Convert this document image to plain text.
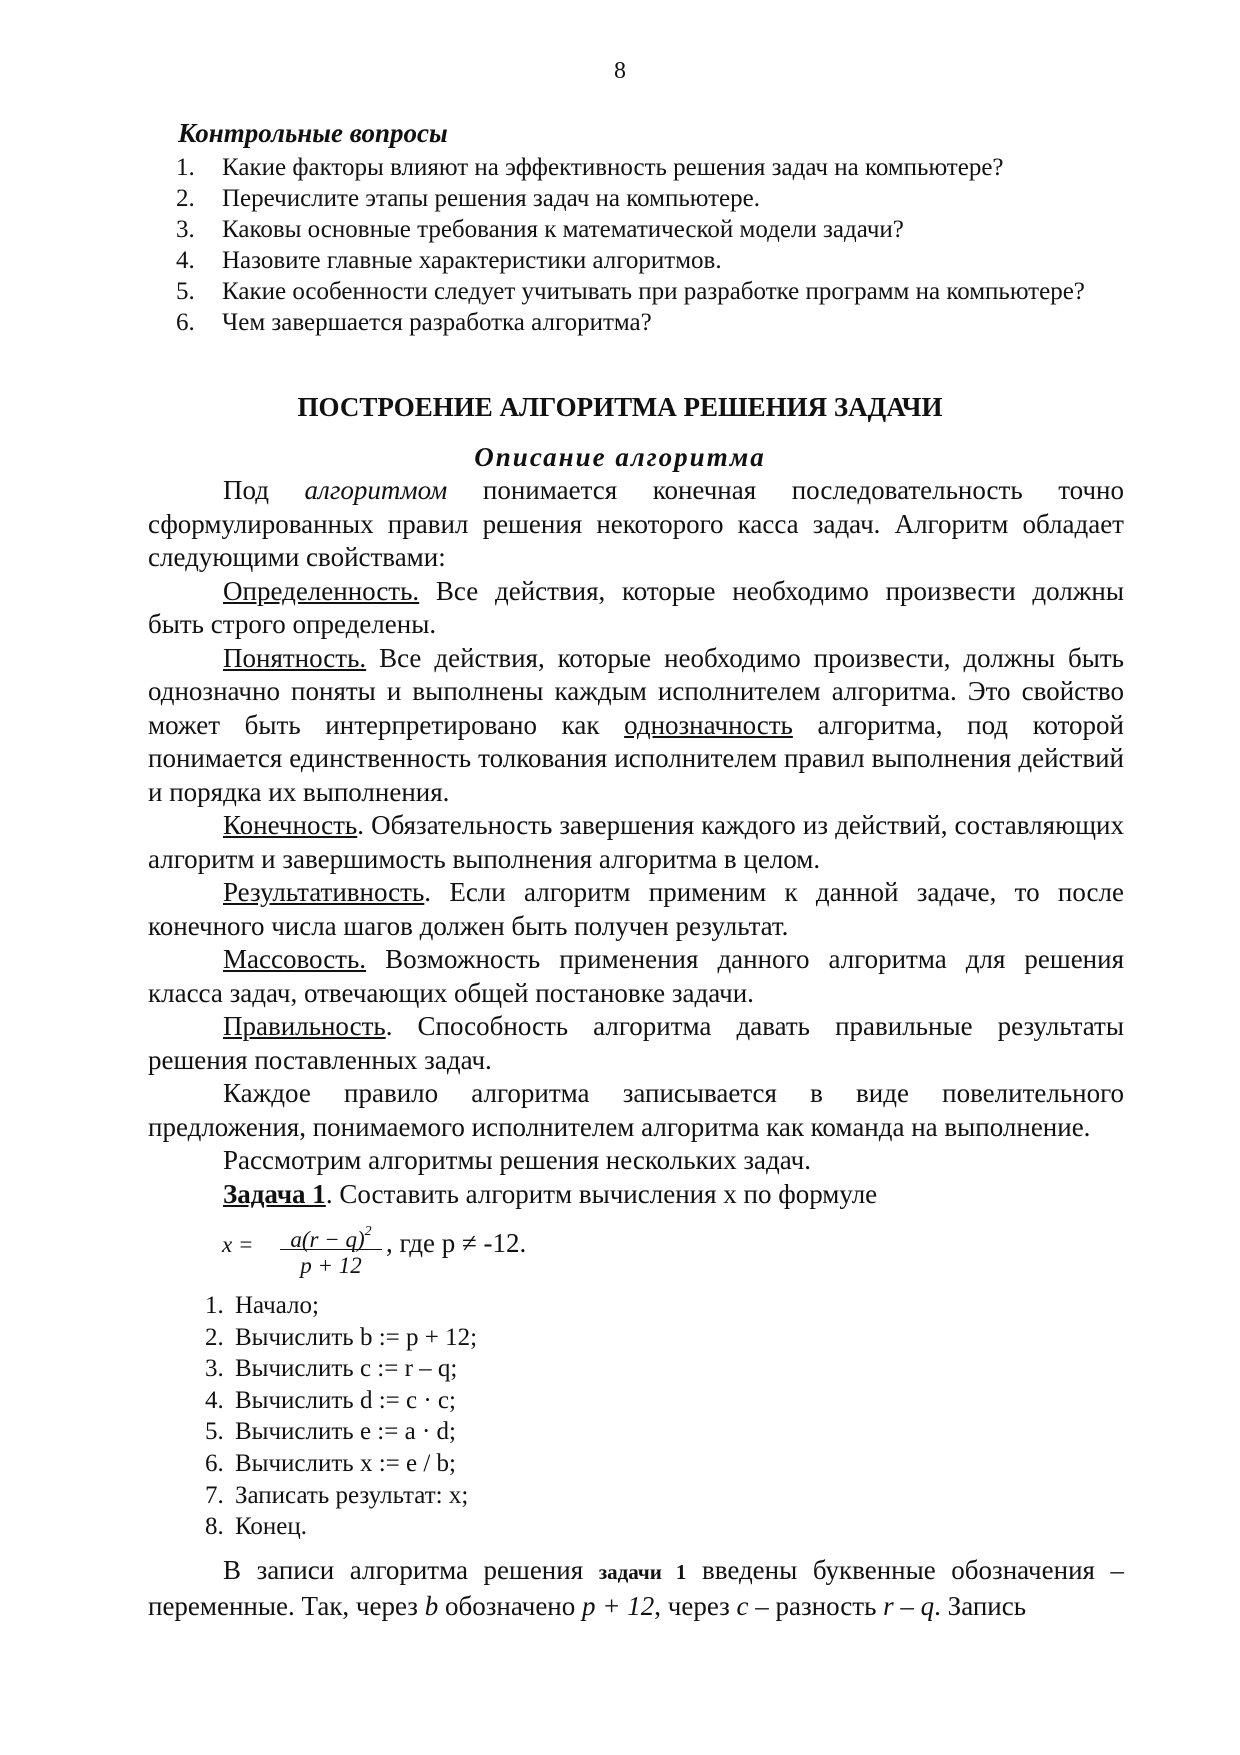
8
Контрольные вопросы
1. Какие факторы влияют на эффективность решения задач на компьютере?
2. Перечислите этапы решения задач на компьютере.
3. Каковы основные требования к математической модели задачи?
4. Назовите главные характеристики алгоритмов.
5. Какие особенности следует учитывать при разработке программ на компьютере?
6. Чем завершается разработка алгоритма?
ПОСТРОЕНИЕ АЛГОРИТМА РЕШЕНИЯ ЗАДАЧИ
Описание алгоритма

Под алгоритмом понимается конечная последовательность точно сформулированных правил решения некоторого касса задач. Алгоритм обладает следующими свойствами:

Определенность. Все действия, которые необходимо произвести должны быть строго определены.

Понятность. Все действия, которые необходимо произвести, должны быть однозначно поняты и выполнены каждым исполнителем алгоритма. Это свойство может быть интерпретировано как однозначность алгоритма, под которой понимается единственность толкования исполнителем правил выполнения действий и порядка их выполнения.

Конечность. Обязательность завершения каждого из действий, составляющих алгоритм и завершимость выполнения алгоритма в целом.

Результативность. Если алгоритм применим к данной задаче, то после конечного числа шагов должен быть получен результат.

Массовость. Возможность применения данного алгоритма для решения класса задач, отвечающих общей постановке задачи.

Правильность. Способность алгоритма давать правильные результаты решения поставленных задач.

Каждое правило алгоритма записывается в виде повелительного предложения, понимаемого исполнителем алгоритма как команда на выполнение.

Рассмотрим алгоритмы решения нескольких задач.

Задача 1. Составить алгоритм вычисления x по формуле

x =	$a(r - q)^2$
p + 12
, где p ≠ -12.
1. Начало;
2. Вычислить b := p + 12;
3. Вычислить c := r – q;
4. Вычислить d := c · c;
5. Вычислить e := a · d;
6. Вычислить x := e / b;
7. Записать результат: x;
8. Конец.

В записи алгоритма решения задачи 1 введены буквенные обозначения – переменные. Так, через b обозначено p + 12, через c – разность r – q. Запись
